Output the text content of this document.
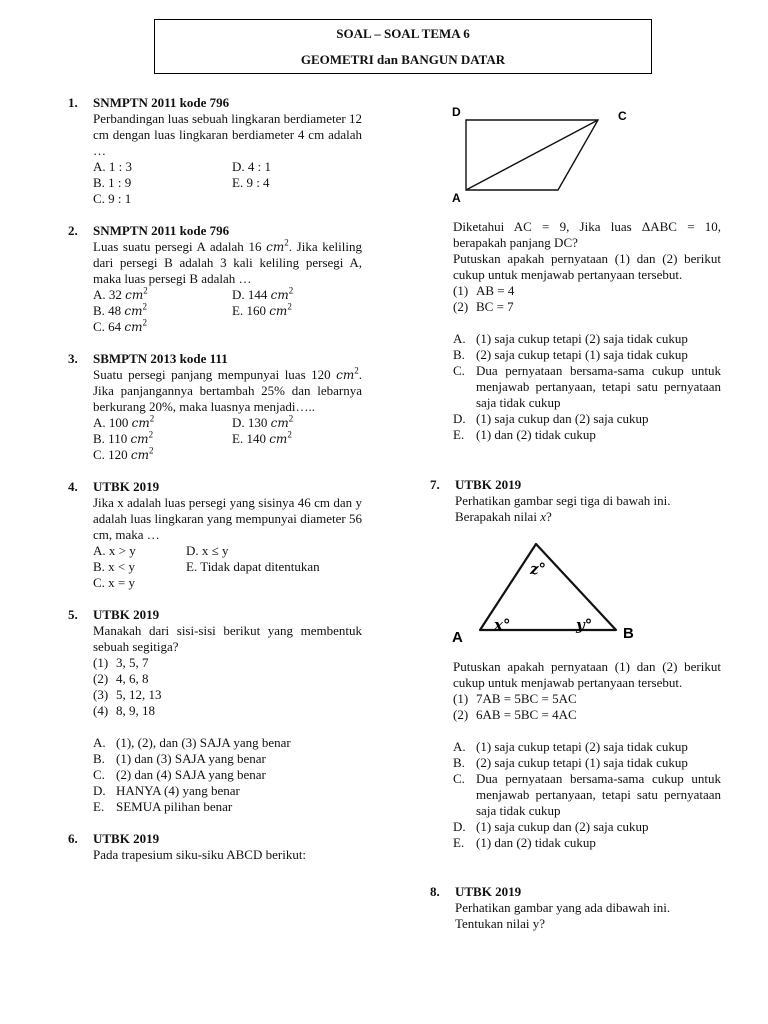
SOAL – SOAL TEMA 6
GEOMETRI dan BANGUN DATAR
1. SNMPTN 2011 kode 796
Perbandingan luas sebuah lingkaran berdiameter 12 cm dengan luas lingkaran berdiameter 4 cm adalah …
A. 1 : 3	D. 4 : 1
B. 1 : 9	E. 9 : 4
C. 9 : 1
2. SNMPTN 2011 kode 796
Luas suatu persegi A adalah 16 $cm^2$. Jika keliling dari persegi B adalah 3 kali keliling persegi A, maka luas persegi B adalah …
A. 32 $cm^2$	D. 144 $cm^2$
B. 48 $cm^2$	E. 160 $cm^2$
C. 64 $cm^2$
3. SBMPTN 2013 kode 111
Suatu persegi panjang mempunyai luas 120 $cm^2$. Jika panjangannya bertambah 25% dan lebarnya berkurang 20%, maka luasnya menjadi…..
A. 100 $cm^2$	D. 130 $cm^2$
B. 110 $cm^2$	E. 140 $cm^2$
C. 120 $cm^2$
4. UTBK 2019
Jika x adalah luas persegi yang sisinya 46 cm dan y adalah luas lingkaran yang mempunyai diameter 56 cm, maka …
A. x > y	D. x ≤ y
B. x < y	E. Tidak dapat ditentukan
C. x = y
5. UTBK 2019
Manakah dari sisi-sisi berikut yang membentuk sebuah segitiga?
(1) 3, 5, 7
(2) 4, 6, 8
(3) 5, 12, 13
(4) 8, 9, 18
A. (1), (2), dan (3) SAJA yang benar
B. (1) dan (3) SAJA yang benar
C. (2) dan (4) SAJA yang benar
D. HANYA (4) yang benar
E. SEMUA pilihan benar
6. UTBK 2019
Pada trapesium siku-siku ABCD berikut:
D	C
A
Diketahui AC = 9, Jika luas ΔABC = 10, berapakah panjang DC?
Putuskan apakah pernyataan (1) dan (2) berikut cukup untuk menjawab pertanyaan tersebut.
(1) AB = 4
(2) BC = 7
A. (1) saja cukup tetapi (2) saja tidak cukup
B. (2) saja cukup tetapi (1) saja tidak cukup
C. Dua pernyataan bersama-sama cukup untuk menjawab pertanyaan, tetapi satu pernyataan saja tidak cukup
D. (1) saja cukup dan (2) saja cukup
E. (1) dan (2) tidak cukup
7. UTBK 2019
Perhatikan gambar segi tiga di bawah ini.
Berapakah nilai x?
z°
x°	y°
A	B
Putuskan apakah pernyataan (1) dan (2) berikut cukup untuk menjawab pertanyaan tersebut.
(1) 7AB = 5BC = 5AC
(2) 6AB = 5BC = 4AC
A. (1) saja cukup tetapi (2) saja tidak cukup
B. (2) saja cukup tetapi (1) saja tidak cukup
C. Dua pernyataan bersama-sama cukup untuk menjawab pertanyaan, tetapi satu pernyataan saja tidak cukup
D. (1) saja cukup dan (2) saja cukup
E. (1) dan (2) tidak cukup
8. UTBK 2019
Perhatikan gambar yang ada dibawah ini.
Tentukan nilai y?
